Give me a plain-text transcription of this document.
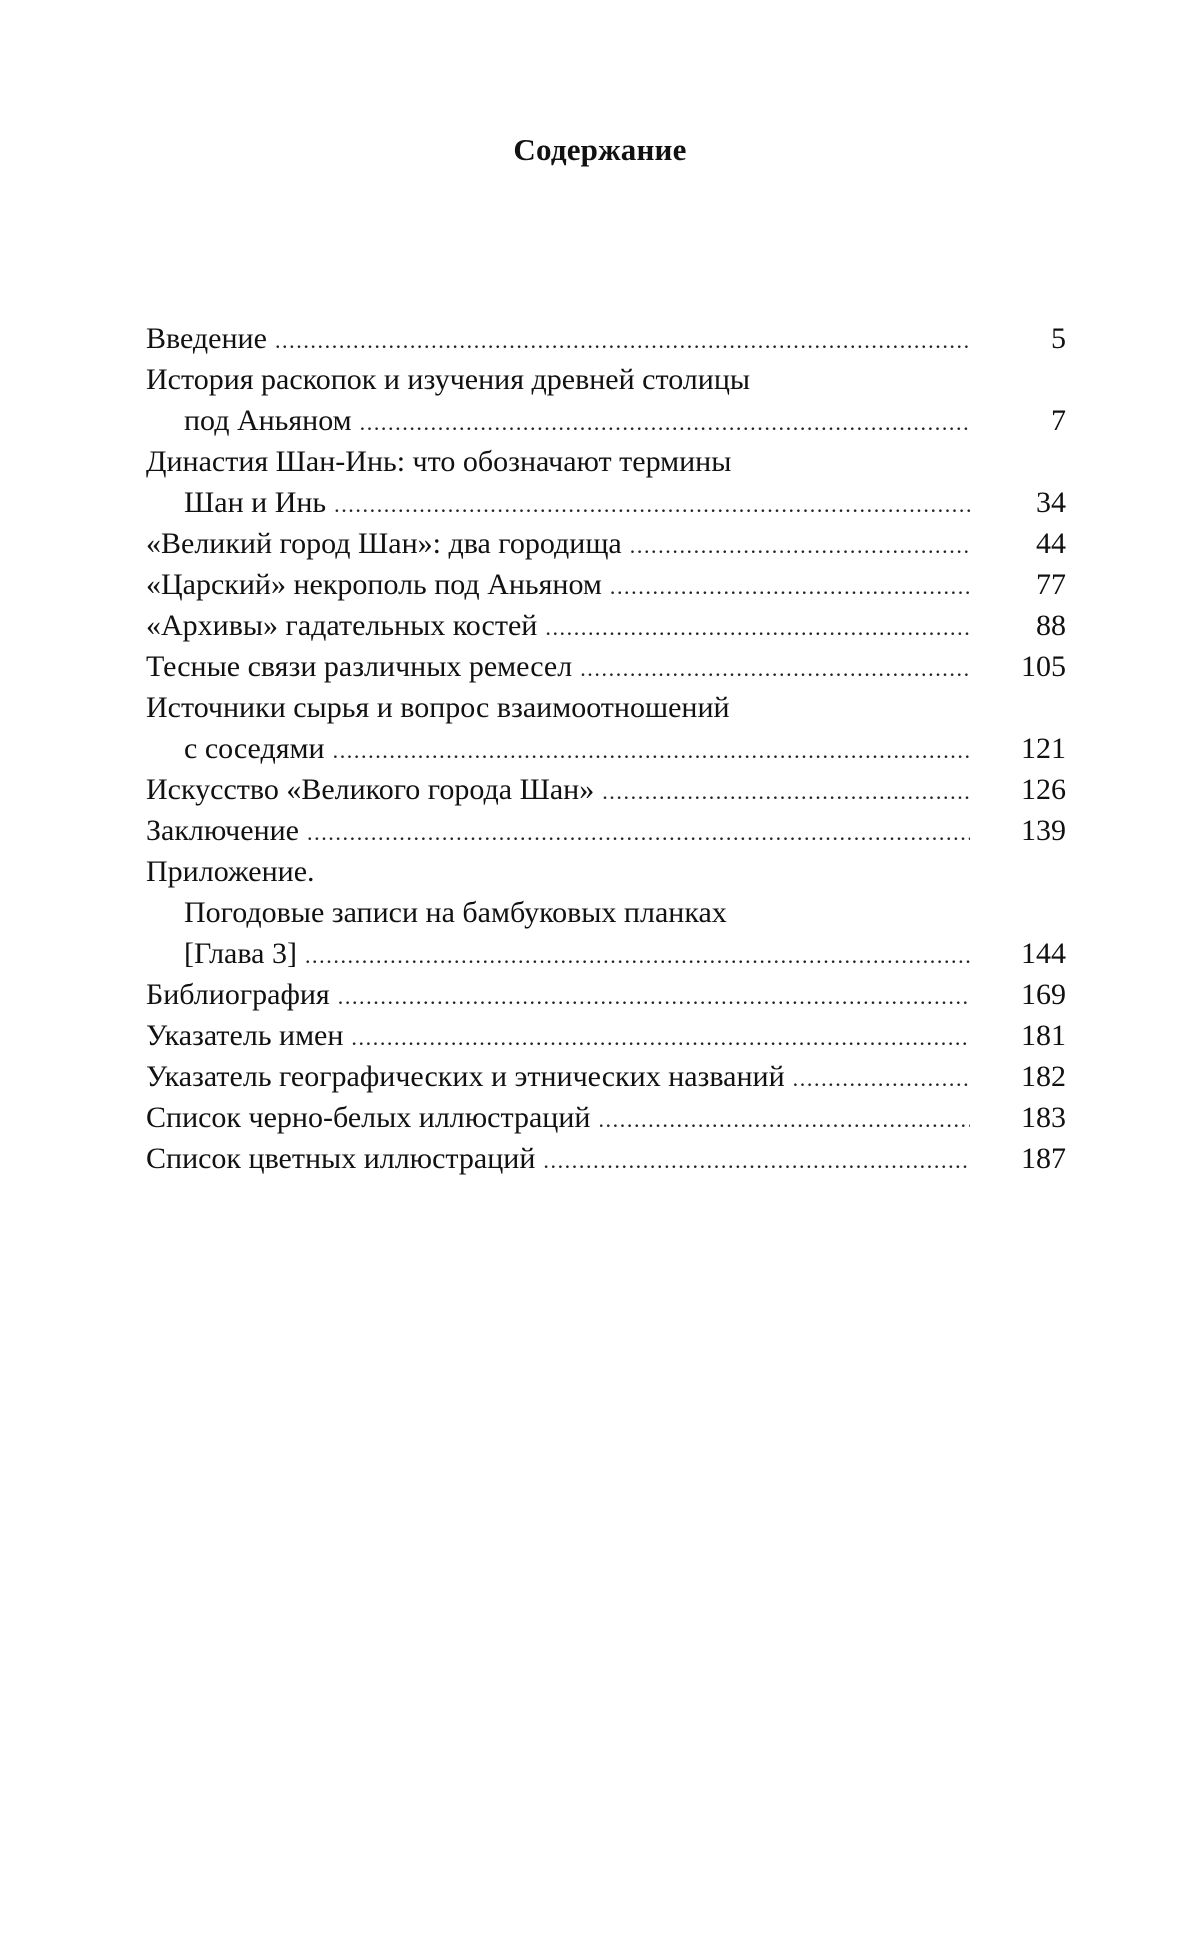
Содержание
Введение .....	5
История раскопок и изучения древней столицы
под Аньяном .....	7
Династия Шан-Инь: что обозначают термины
Шан и Инь .....	34
«Великий город Шан»: два городища .....	44
«Царский» некрополь под Аньяном .....	77
«Архивы» гадательных костей .....	88
Тесные связи различных ремесел .....	105
Источники сырья и вопрос взаимоотношений
с соседями .....	121
Искусство «Великого города Шан» .....	126
Заключение .....	139
Приложение.
Погодовые записи на бамбуковых планках
[Глава 3] .....	144
Библиография .....	169
Указатель имен .....	181
Указатель географических и этнических названий .....	182
Список черно-белых иллюстраций .....	183
Список цветных иллюстраций .....	187
